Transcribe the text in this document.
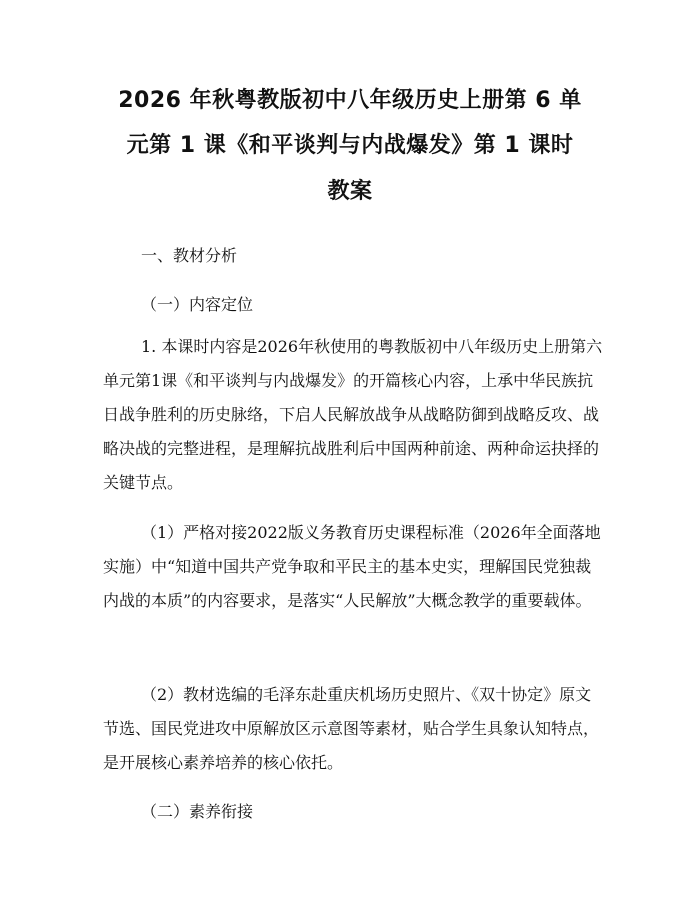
2026 年秋粤教版初中八年级历史上册第 6 单
元第 1 课《和平谈判与内战爆发》第 1 课时
教案

一、教材分析

（一）内容定位

1. 本课时内容是2026年秋使用的粤教版初中八年级历史上册第六单元第1课《和平谈判与内战爆发》的开篇核心内容，上承中华民族抗日战争胜利的历史脉络，下启人民解放战争从战略防御到战略反攻、战略决战的完整进程，是理解抗战胜利后中国两种前途、两种命运抉择的关键节点。

（1）严格对接2022版义务教育历史课程标准（2026年全面落地实施）中“知道中国共产党争取和平民主的基本史实，理解国民党独裁内战的本质”的内容要求，是落实“人民解放”大概念教学的重要载体。

（2）教材选编的毛泽东赴重庆机场历史照片、《双十协定》原文节选、国民党进攻中原解放区示意图等素材，贴合学生具象认知特点，是开展核心素养培养的核心依托。

（二）素养衔接
